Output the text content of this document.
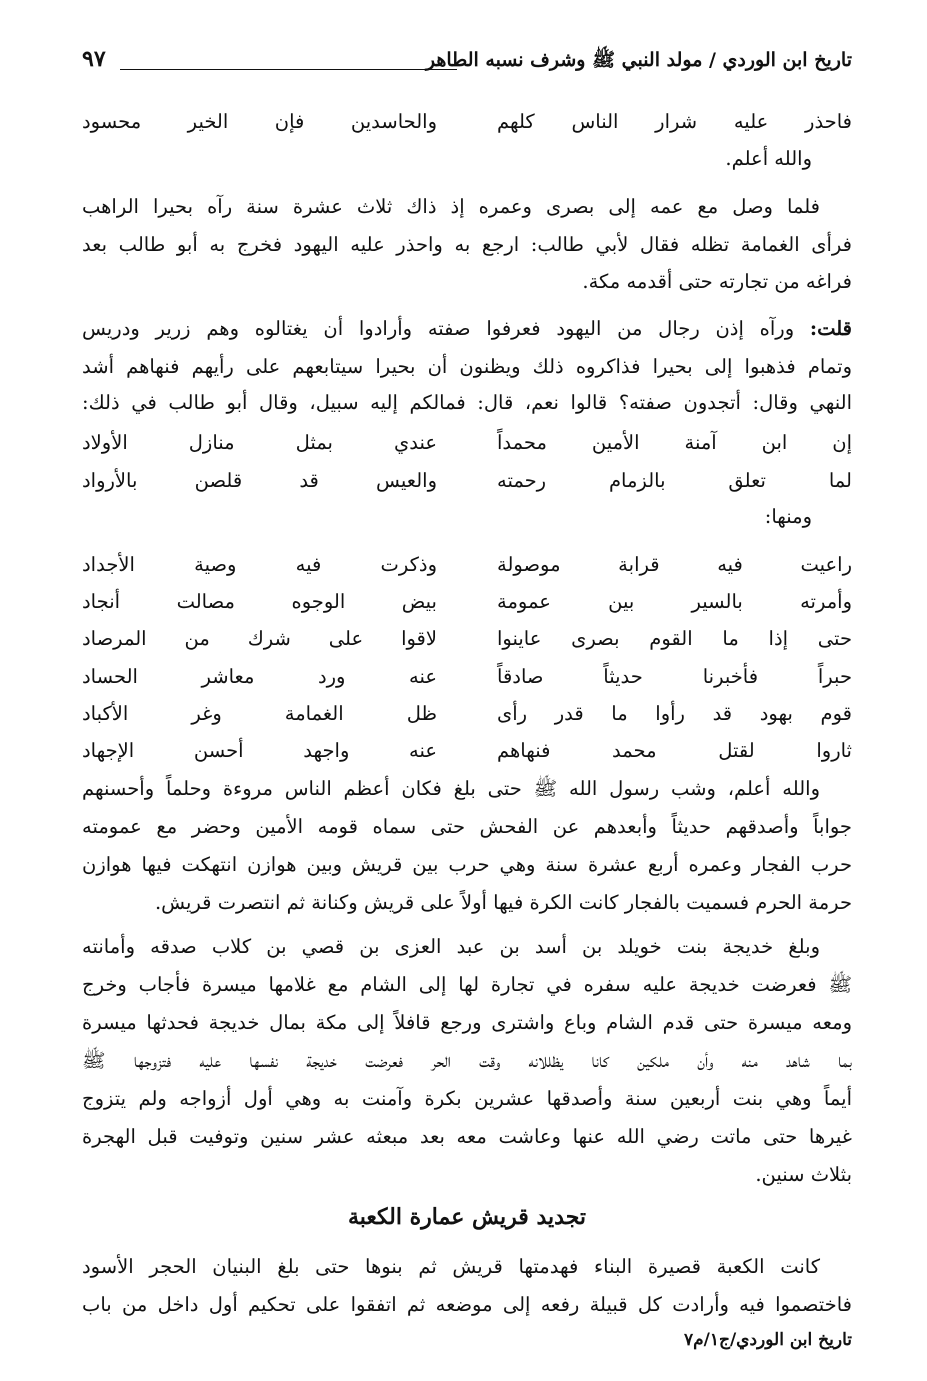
تاريخ ابن الوردي / مولد النبي ﷺ وشرف نسبه الطاهر
٩٧
فاحذر عليه شرار الناس كلهم
والحاسدين فإن الخير محسود
والله أعلم.
فلما وصل مع عمه إلى بصرى وعمره إذ ذاك ثلاث عشرة سنة رآه بحيرا الراهب
فرأى الغمامة تظله فقال لأبي طالب: ارجع به واحذر عليه اليهود فخرج به أبو طالب بعد
فراغه من تجارته حتى أقدمه مكة.
قلت: ورآه إذن رجال من اليهود فعرفوا صفته وأرادوا أن يغتالوه وهم زرير ودريس
وتمام فذهبوا إلى بحيرا فذاكروه ذلك ويظنون أن بحيرا سيتابعهم على رأيهم فنهاهم أشد
النهي وقال: أتجدون صفته؟ قالوا نعم، قال: فمالكم إليه سبيل، وقال أبو طالب في ذلك:
إن ابن آمنة الأمين محمداً
عندي بمثل منازل الأولاد
لما تعلق بالزمام رحمته
والعيس قد قلصن بالأرواد
ومنها:
راعيت فيه قرابة موصولة
وذكرت فيه وصية الأجداد
وأمرته بالسير بين عمومة
بيض الوجوه مصالت أنجاد
حتى إذا ما القوم بصرى عاينوا
لاقوا على شرك من المرصاد
حبراً فأخبرنا حديثاً صادقاً
عنه ورد معاشر الحساد
قوم بهود قد رأوا ما قدر رأى
ظل الغمامة وغر الأكباد
ثاروا لقتل محمد فنهاهم
عنه واجهد أحسن الإجهاد
والله أعلم، وشب رسول الله ﷺ حتى بلغ فكان أعظم الناس مروءة وحلماً وأحسنهم
جواباً وأصدقهم حديثاً وأبعدهم عن الفحش حتى سماه قومه الأمين وحضر مع عمومته
حرب الفجار وعمره أربع عشرة سنة وهي حرب بين قريش وبين هوازن انتهكت فيها هوازن
حرمة الحرم فسميت بالفجار كانت الكرة فيها أولاً على قريش وكنانة ثم انتصرت قريش.
وبلغ خديجة بنت خويلد بن أسد بن عبد العزى بن قصي بن كلاب صدقه وأمانته
ﷺ فعرضت خديجة عليه سفره في تجارة لها إلى الشام مع غلامها ميسرة فأجاب وخرج
ومعه ميسرة حتى قدم الشام وباع واشترى ورجع قافلاً إلى مكة بمال خديجة فحدثها ميسرة
بما شاهد منه وأن ملكين كانا يظللانه وقت الحر فعرضت خديجة نفسها عليه فتزوجها ﷺ
أيماً وهي بنت أربعين سنة وأصدقها عشرين بكرة وآمنت به وهي أول أزواجه ولم يتزوج
غيرها حتى ماتت رضي الله عنها وعاشت معه بعد مبعثه عشر سنين وتوفيت قبل الهجرة
بثلاث سنين.
تجديد قريش عمارة الكعبة
كانت الكعبة قصيرة البناء فهدمتها قريش ثم بنوها حتى بلغ البنيان الحجر الأسود
فاختصموا فيه وأرادت كل قبيلة رفعه إلى موضعه ثم اتفقوا على تحكيم أول داخل من باب
تاريخ ابن الوردي/ج١/م٧
